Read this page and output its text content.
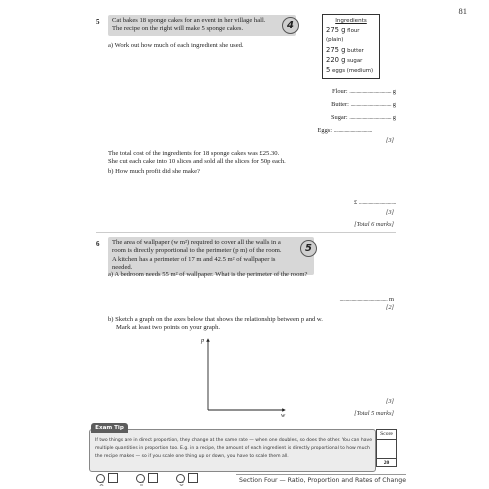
81
5 Cat bakes 18 sponge cakes for an event in her village hall.
The recipe on the right will make 5 sponge cakes.	4	Ingredients
275 g flour (plain)
275 g butter
220 g sugar
5 eggs (medium)
a) Work out how much of each ingredient she used.
Flour: ................................... g
Butter: .................................. g
Sugar: ................................... g
Eggs: ................................
[3]
The total cost of the ingredients for 18 sponge cakes was £25.30.
She cut each cake into 10 slices and sold all the slices for 50p each.
b) How much profit did she make?
£ ...............................
[3]
[Total 6 marks]
6 The area of wallpaper (w m²) required to cover all the walls in a
room is directly proportional to the perimeter (p m) of the room.
A kitchen has a perimeter of 17 m and 42.5 m² of wallpaper is needed.
5
a) A bedroom needs 55 m² of wallpaper. What is the perimeter of the room?
........................................ m
[2]
b) Sketch a graph on the axes below that shows the relationship between p and w.
Mark at least two points on your graph.
p
w
[3]
[Total 5 marks]
Exam Tip
If two things are in direct proportion, they change at the same rate — when one doubles, so does the other. You can have multiple quantities in proportion too. E.g. in a recipe, the amount of each ingredient is directly proportional to how much the recipe makes — so if you scale one thing up or down, you have to scale them all.
Score
20
Section Four — Ratio, Proportion and Rates of Change
